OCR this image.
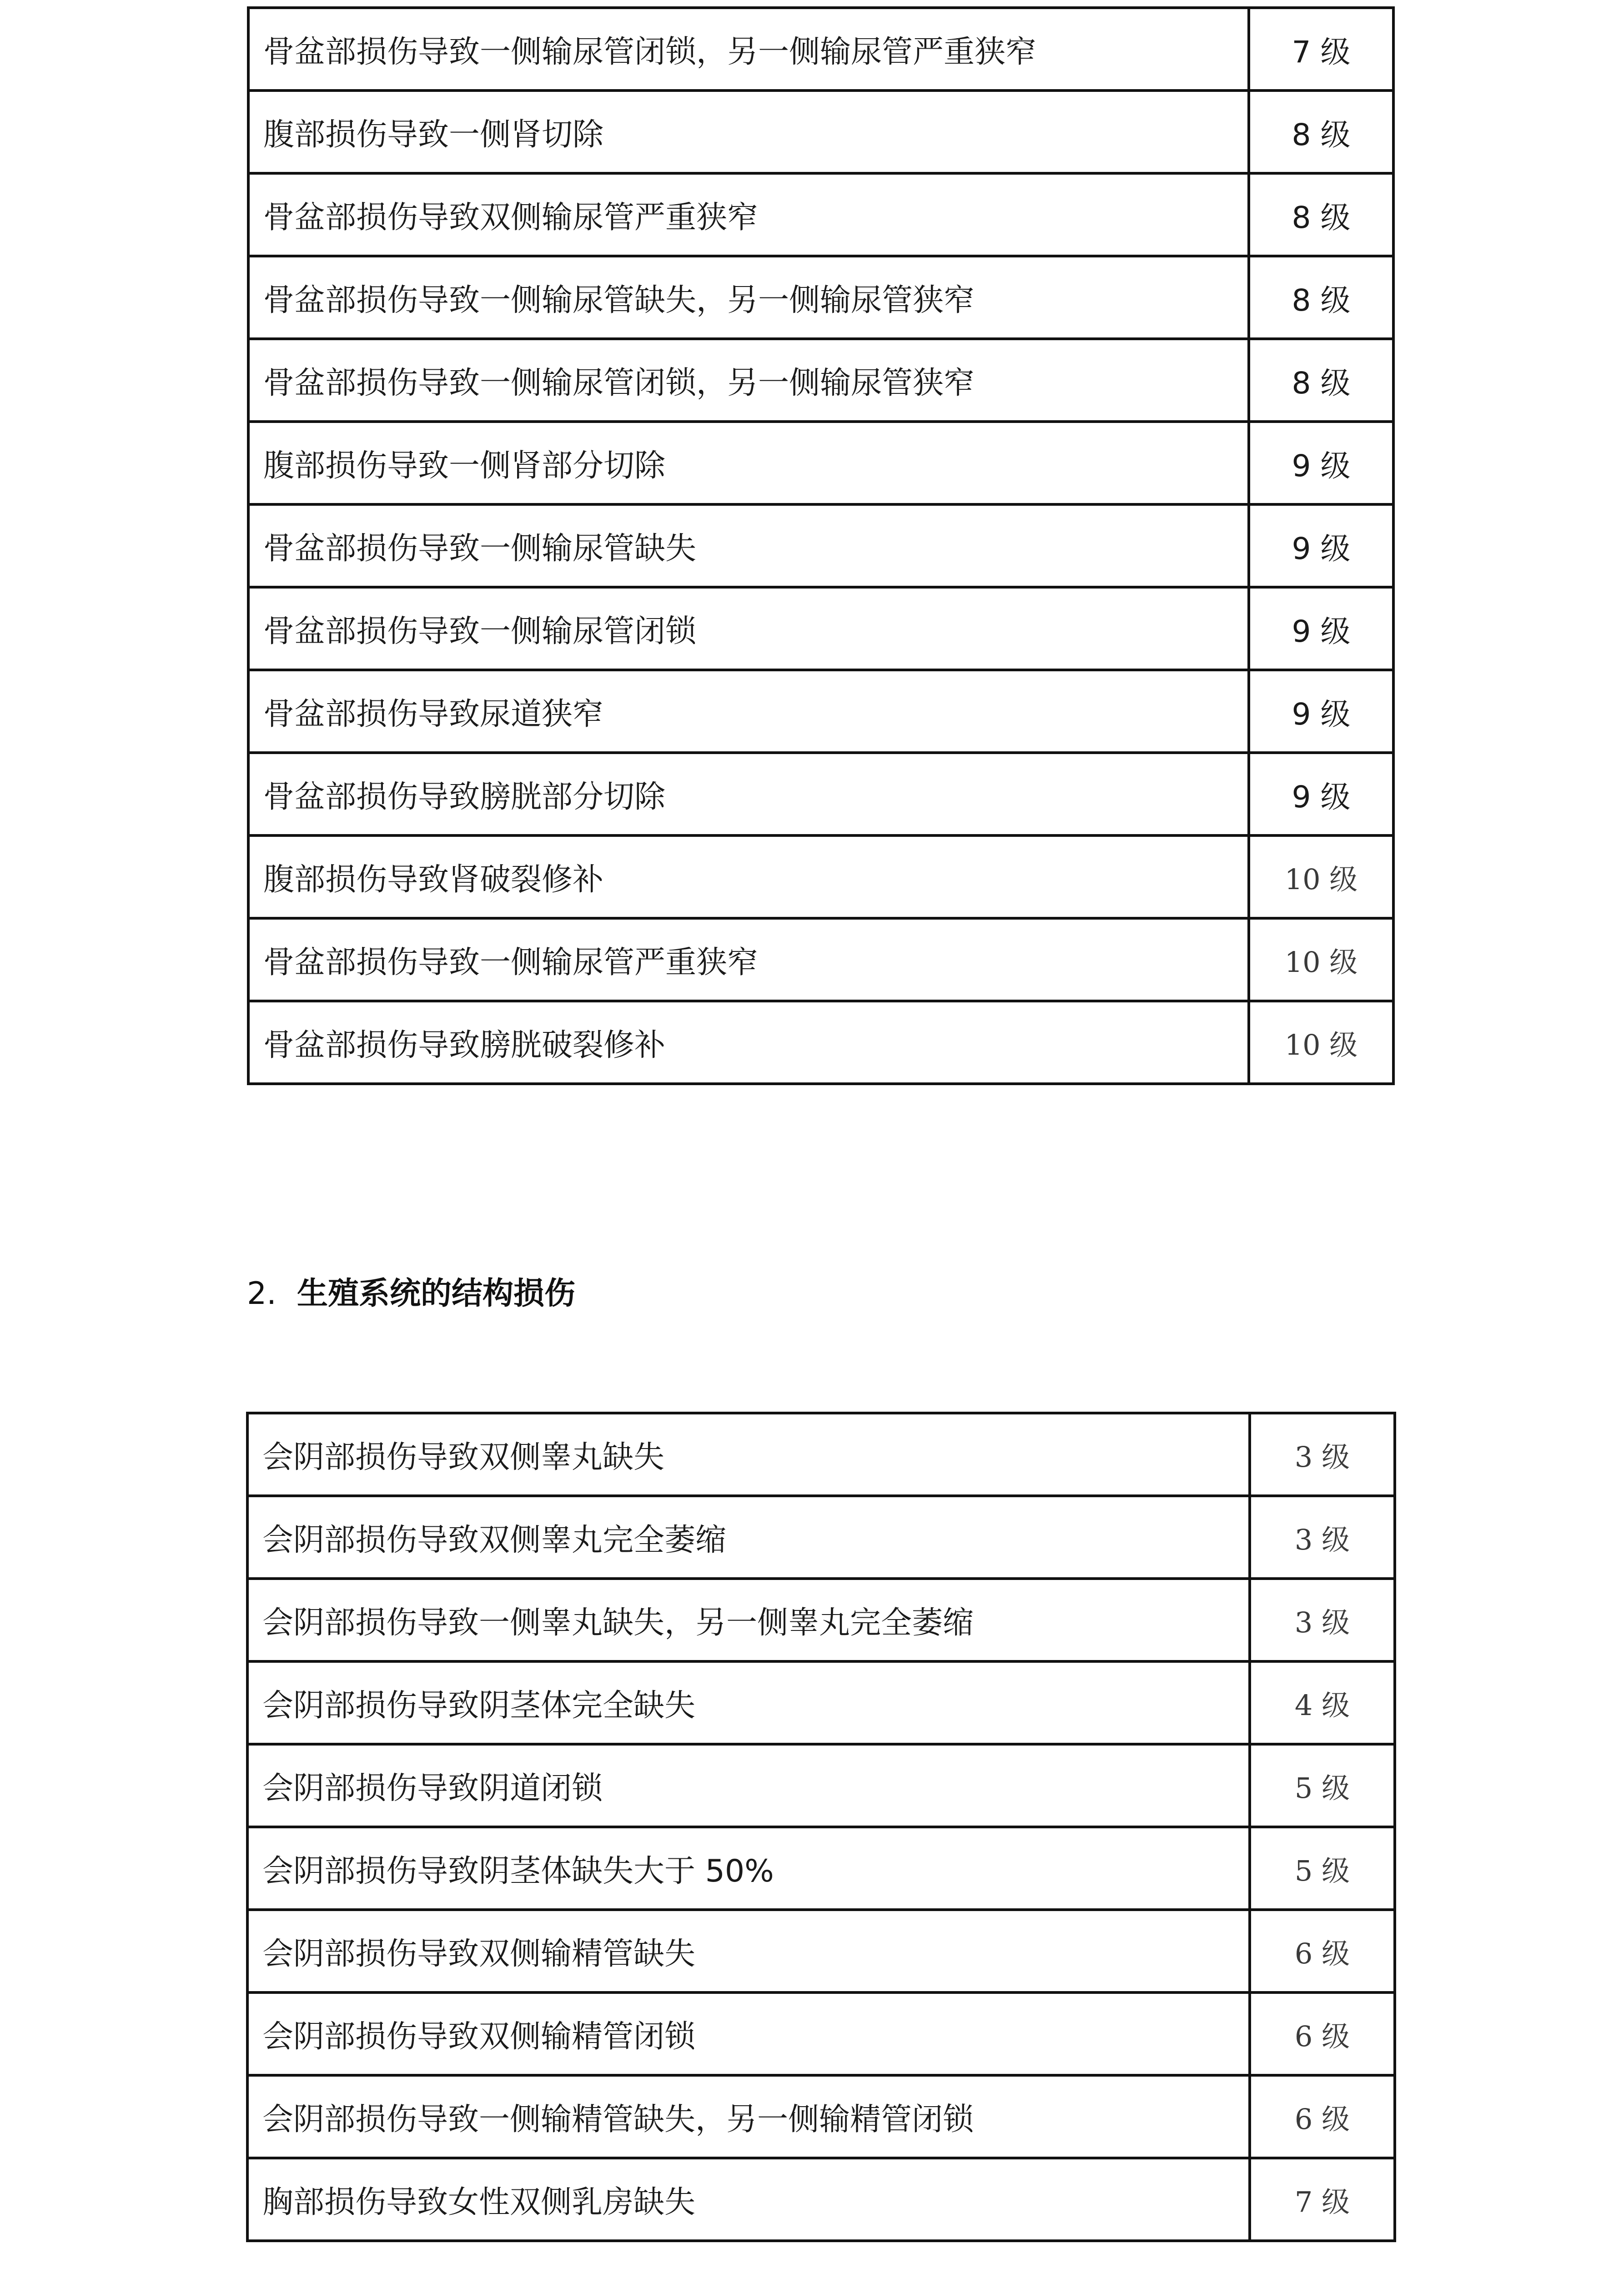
骨盆部损伤导致一侧输尿管闭锁，另一侧输尿管严重狭窄	7 级
腹部损伤导致一侧肾切除	8 级
骨盆部损伤导致双侧输尿管严重狭窄	8 级
骨盆部损伤导致一侧输尿管缺失，另一侧输尿管狭窄	8 级
骨盆部损伤导致一侧输尿管闭锁，另一侧输尿管狭窄	8 级
腹部损伤导致一侧肾部分切除	9 级
骨盆部损伤导致一侧输尿管缺失	9 级
骨盆部损伤导致一侧输尿管闭锁	9 级
骨盆部损伤导致尿道狭窄	9 级
骨盆部损伤导致膀胱部分切除	9 级
腹部损伤导致肾破裂修补	10 级
骨盆部损伤导致一侧输尿管严重狭窄	10 级
骨盆部损伤导致膀胱破裂修补	10 级
2. 生殖系统的结构损伤
会阴部损伤导致双侧睾丸缺失	3 级
会阴部损伤导致双侧睾丸完全萎缩	3 级
会阴部损伤导致一侧睾丸缺失，另一侧睾丸完全萎缩	3 级
会阴部损伤导致阴茎体完全缺失	4 级
会阴部损伤导致阴道闭锁	5 级
会阴部损伤导致阴茎体缺失大于 50%	5 级
会阴部损伤导致双侧输精管缺失	6 级
会阴部损伤导致双侧输精管闭锁	6 级
会阴部损伤导致一侧输精管缺失，另一侧输精管闭锁	6 级
胸部损伤导致女性双侧乳房缺失	7 级
